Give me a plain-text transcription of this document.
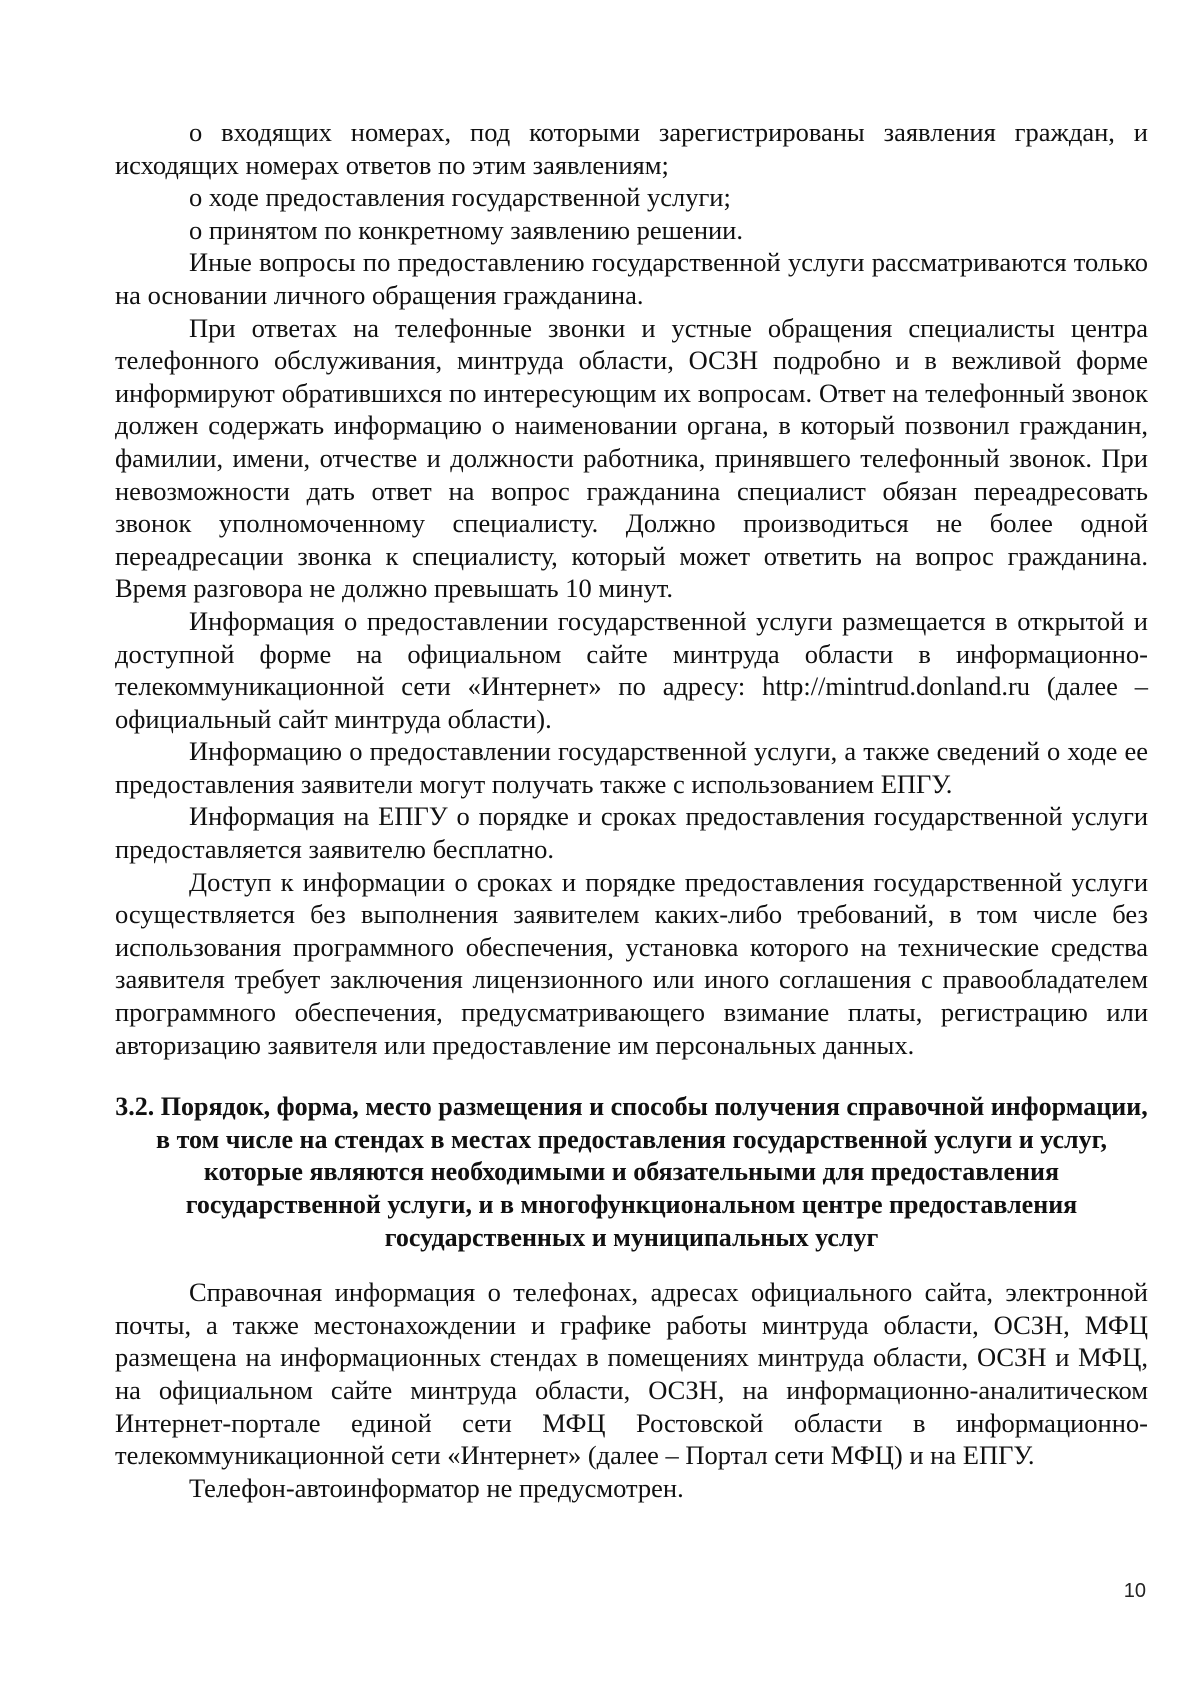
о входящих номерах, под которыми зарегистрированы заявления граждан, и исходящих номерах ответов по этим заявлениям;

о ходе предоставления государственной услуги;

о принятом по конкретному заявлению решении.

Иные вопросы по предоставлению государственной услуги рассматриваются только на основании личного обращения гражданина.

При ответах на телефонные звонки и устные обращения специалисты центра телефонного обслуживания, минтруда области, ОСЗН подробно и в вежливой форме информируют обратившихся по интересующим их вопросам. Ответ на телефонный звонок должен содержать информацию о наименовании органа, в который позвонил гражданин, фамилии, имени, отчестве и должности работника, принявшего телефонный звонок. При невозможности дать ответ на вопрос гражданина специалист обязан переадресовать звонок уполномоченному специалисту. Должно производиться не более одной переадресации звонка к специалисту, который может ответить на вопрос гражданина. Время разговора не должно превышать 10 минут.

Информация о предоставлении государственной услуги размещается в открытой и доступной форме на официальном сайте минтруда области в информационно-телекоммуникационной сети «Интернет» по адресу: http://mintrud.donland.ru (далее – официальный сайт минтруда области).

Информацию о предоставлении государственной услуги, а также сведений о ходе ее предоставления заявители могут получать также с использованием ЕПГУ.

Информация на ЕПГУ о порядке и сроках предоставления государственной услуги предоставляется заявителю бесплатно.

Доступ к информации о сроках и порядке предоставления государственной услуги осуществляется без выполнения заявителем каких-либо требований, в том числе без использования программного обеспечения, установка которого на технические средства заявителя требует заключения лицензионного или иного соглашения с правообладателем программного обеспечения, предусматривающего взимание платы, регистрацию или авторизацию заявителя или предоставление им персональных данных.

3.2. Порядок, форма, место размещения и способы получения справочной информации, в том числе на стендах в местах предоставления государственной услуги и услуг, которые являются необходимыми и обязательными для предоставления государственной услуги, и в многофункциональном центре предоставления государственных и муниципальных услуг

Справочная информация о телефонах, адресах официального сайта, электронной почты, а также местонахождении и графике работы минтруда области, ОСЗН, МФЦ размещена на информационных стендах в помещениях минтруда области, ОСЗН и МФЦ, на официальном сайте минтруда области, ОСЗН, на информационно-аналитическом Интернет-портале единой сети МФЦ Ростовской области в информационно-телекоммуникационной сети «Интернет» (далее – Портал сети МФЦ) и на ЕПГУ.

Телефон-автоинформатор не предусмотрен.

10
